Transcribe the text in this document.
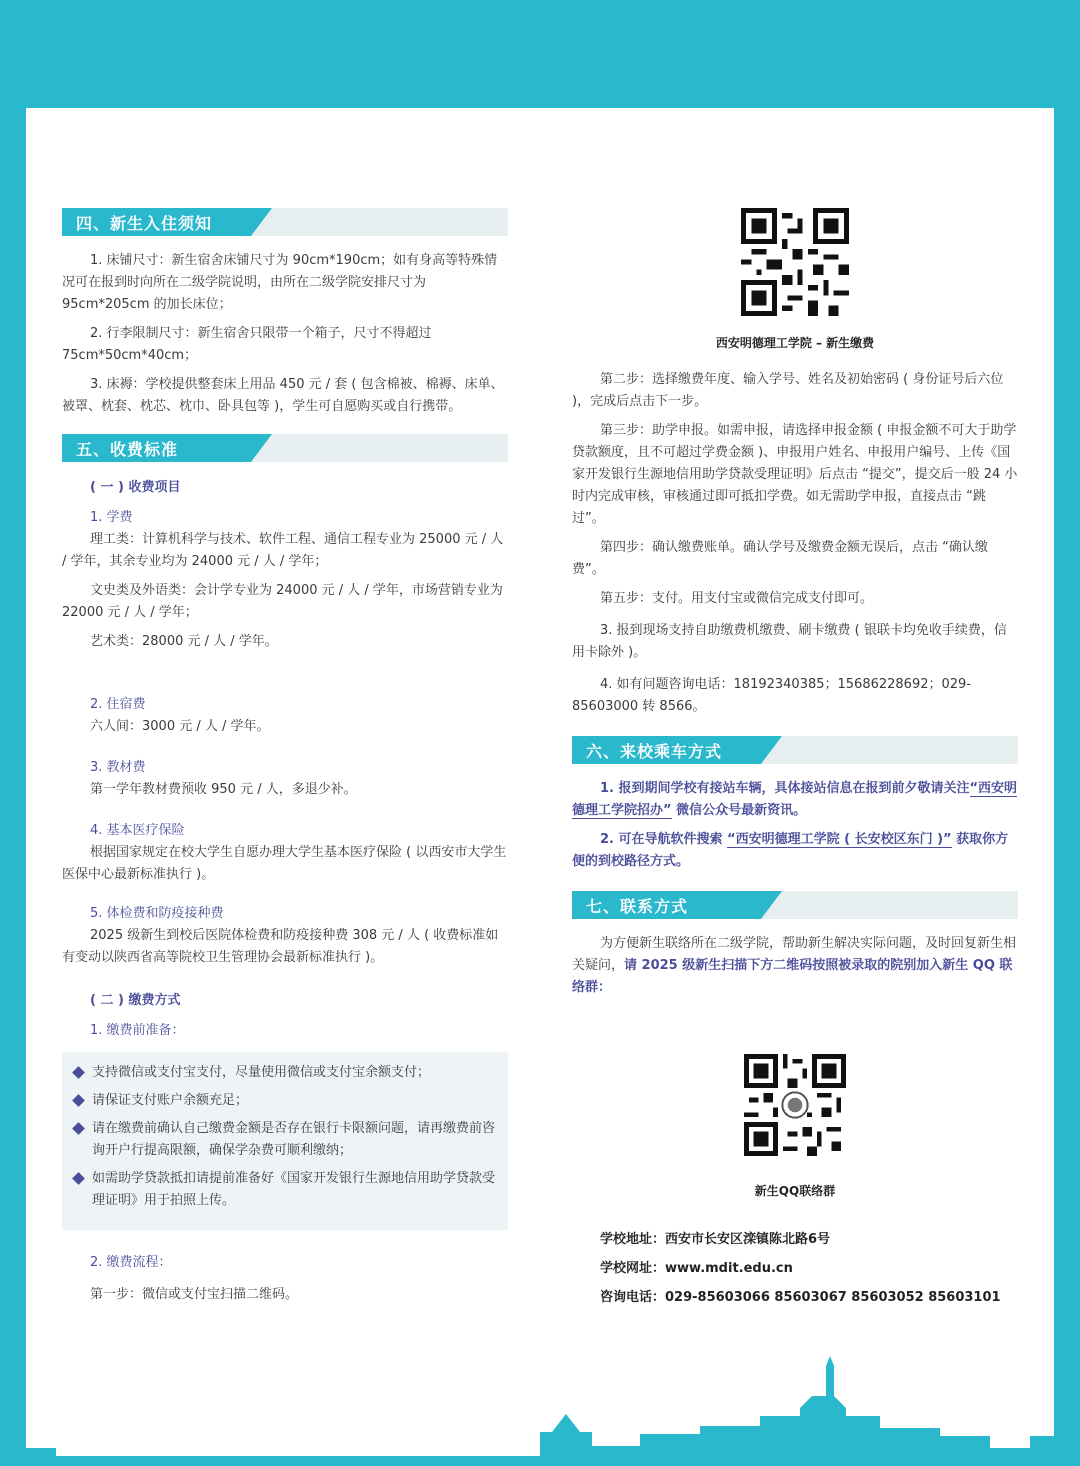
四、新生入住须知

1. 床铺尺寸：新生宿舍床铺尺寸为 90cm*190cm；如有身高等特殊情况可在报到时向所在二级学院说明，由所在二级学院安排尺寸为 95cm*205cm 的加长床位；

2. 行李限制尺寸：新生宿舍只限带一个箱子，尺寸不得超过 75cm*50cm*40cm；

3. 床褥：学校提供整套床上用品 450 元 / 套 ( 包含棉被、棉褥、床单、被罩、枕套、枕芯、枕巾、卧具包等 )，学生可自愿购买或自行携带。

五、收费标准
( 一 ) 收费项目

1. 学费

理工类：计算机科学与技术、软件工程、通信工程专业为 25000 元 / 人 / 学年，其余专业均为 24000 元 / 人 / 学年；

文史类及外语类：会计学专业为 24000 元 / 人 / 学年，市场营销专业为 22000 元 / 人 / 学年；

艺术类：28000 元 / 人 / 学年。

2. 住宿费

六人间：3000 元 / 人 / 学年。

3. 教材费

第一学年教材费预收 950 元 / 人，多退少补。

4. 基本医疗保险

根据国家规定在校大学生自愿办理大学生基本医疗保险 ( 以西安市大学生医保中心最新标准执行 )。

5. 体检费和防疫接种费

2025 级新生到校后医院体检费和防疫接种费 308 元 / 人 ( 收费标准如有变动以陕西省高等院校卫生管理协会最新标准执行 )。

( 二 ) 缴费方式

1. 缴费前准备：

支持微信或支付宝支付，尽量使用微信或支付宝余额支付；

请保证支付账户余额充足；

请在缴费前确认自己缴费金额是否存在银行卡限额问题，请再缴费前咨询开户行提高限额，确保学杂费可顺利缴纳；

如需助学贷款抵扣请提前准备好《国家开发银行生源地信用助学贷款受理证明》用于拍照上传。

2. 缴费流程：

第一步：微信或支付宝扫描二维码。

西安明德理工学院 – 新生缴费

第二步：选择缴费年度、输入学号、姓名及初始密码 ( 身份证号后六位 )，完成后点击下一步。

第三步：助学申报。如需申报，请选择申报金额 ( 申报金额不可大于助学贷款额度，且不可超过学费金额 )、申报用户姓名、申报用户编号、上传《国家开发银行生源地信用助学贷款受理证明》后点击 “提交”，提交后一般 24 小时内完成审核，审核通过即可抵扣学费。如无需助学申报，直接点击 “跳过”。

第四步：确认缴费账单。确认学号及缴费金额无误后，点击 “确认缴费”。

第五步：支付。用支付宝或微信完成支付即可。

3. 报到现场支持自助缴费机缴费、刷卡缴费 ( 银联卡均免收手续费，信用卡除外 )。

4. 如有问题咨询电话：18192340385；15686228692；029-85603000 转 8566。

六、来校乘车方式

1. 报到期间学校有接站车辆，具体接站信息在报到前夕敬请关注“西安明德理工学院招办” 微信公众号最新资讯。

2. 可在导航软件搜索 “西安明德理工学院 ( 长安校区东门 )” 获取你方便的到校路径方式。

七、联系方式

为方便新生联络所在二级学院，帮助新生解决实际问题，及时回复新生相关疑问，请 2025 级新生扫描下方二维码按照被录取的院别加入新生 QQ 联络群：

新生QQ联络群

学校地址：西安市长安区滦镇陈北路6号

学校网址：www.mdit.edu.cn

咨询电话：029-85603066 85603067 85603052 85603101
